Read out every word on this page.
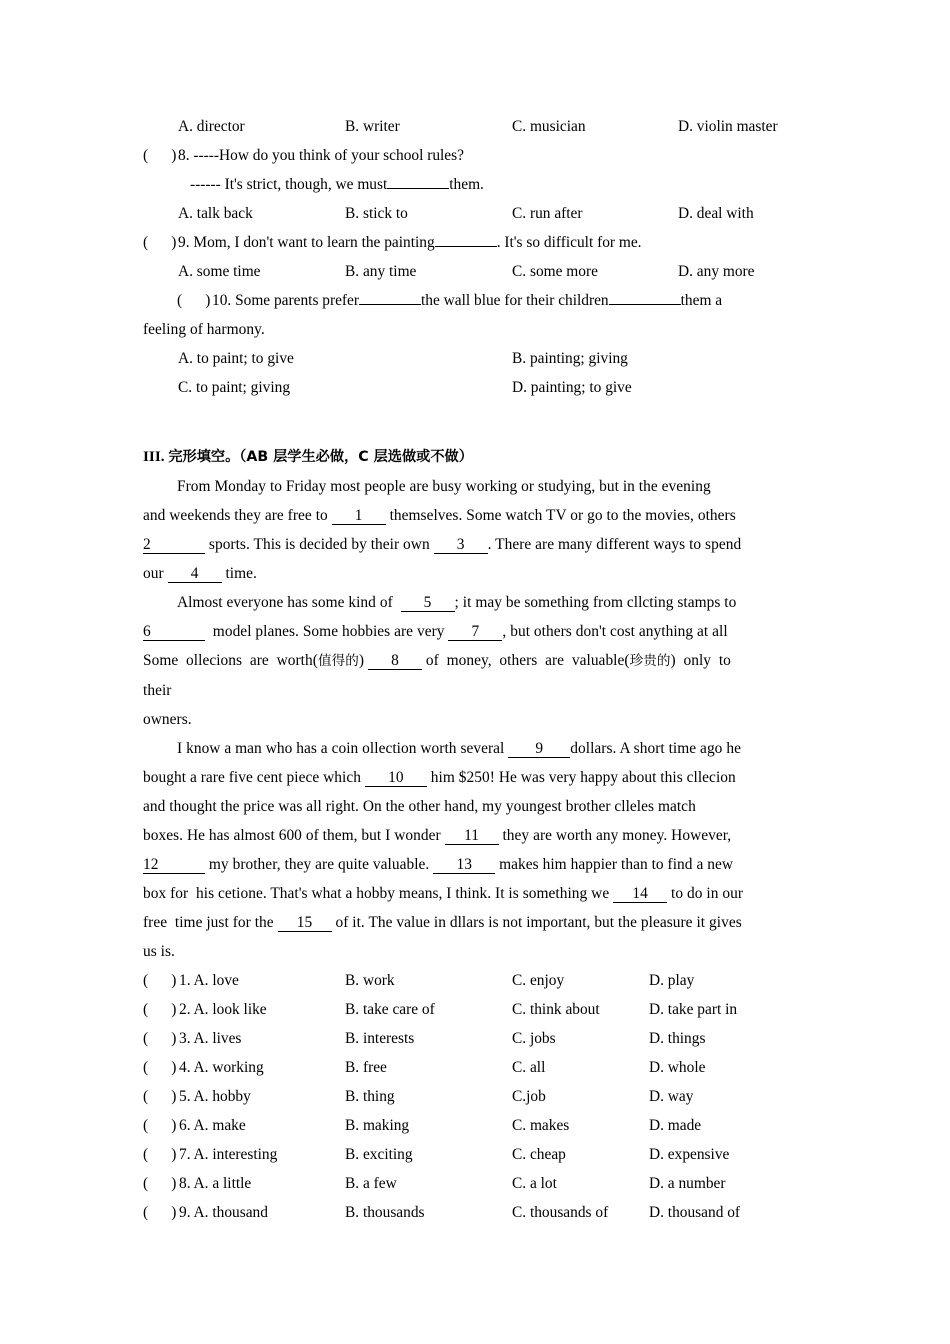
A. director	B. writer	C. musician	D. violin master
(      ) 8. -----How do you think of your school rules?
------ It's strict, though, we must	them.
A. talk back	B. stick to	C. run after	D. deal with
(      ) 9. Mom, I don't want to learn the painting	. It's so difficult for me.
A. some time	B. any time	C. some more	D. any more
(      ) 10. Some parents prefer	the wall blue for their children	them a
feeling of harmony.
A. to paint; to give	B. painting; giving
C. to paint; giving	D. painting; to give
III. 完形填空。（AB 层学生必做，C 层选做或不做）
From Monday to Friday most people are busy working or studying, but in the evening
and weekends they are free to 1 themselves. Some watch TV or go to the movies, others
2	sports. This is decided by their own 3 . There are many different ways to spend
our 4 time.
Almost everyone has some kind of 5 ; it may be something from cllcting stamps to
6	model planes. Some hobbies are very 7 , but others don't cost anything at all
Some  ollecions  are  worth(值得的) 8 of  money,  others  are  valuable(珍贵的)  only  to
their
owners.
I know a man who has a coin ollection worth several 9 dollars. A short time ago he
bought a rare five cent piece which 10 him $250! He was very happy about this cllecion
and thought the price was all right. On the other hand, my youngest brother clleles match
boxes. He has almost 600 of them, but I wonder 11 they are worth any money. However,
12	my brother, they are quite valuable. 13 makes him happier than to find a new
box for  his cetione. That's what a hobby means, I think. It is something we 14 to do in our
free  time just for the 15 of it. The value in dllars is not important, but the pleasure it gives
us is.
(      ) 1. A. love	B. work	C. enjoy	D. play
(      ) 2. A. look like	B. take care of	C. think about	D. take part in
(      ) 3. A. lives	B. interests	C. jobs	D. things
(      ) 4. A. working	B. free	C. all	D. whole
(      ) 5. A. hobby	B. thing	C.job	D. way
(      ) 6. A. make	B. making	C. makes	D. made
(      ) 7. A. interesting	B. exciting	C. cheap	D. expensive
(      ) 8. A. a little	B. a few	C. a lot	D. a number
(      ) 9. A. thousand	B. thousands	C. thousands of	D. thousand of
